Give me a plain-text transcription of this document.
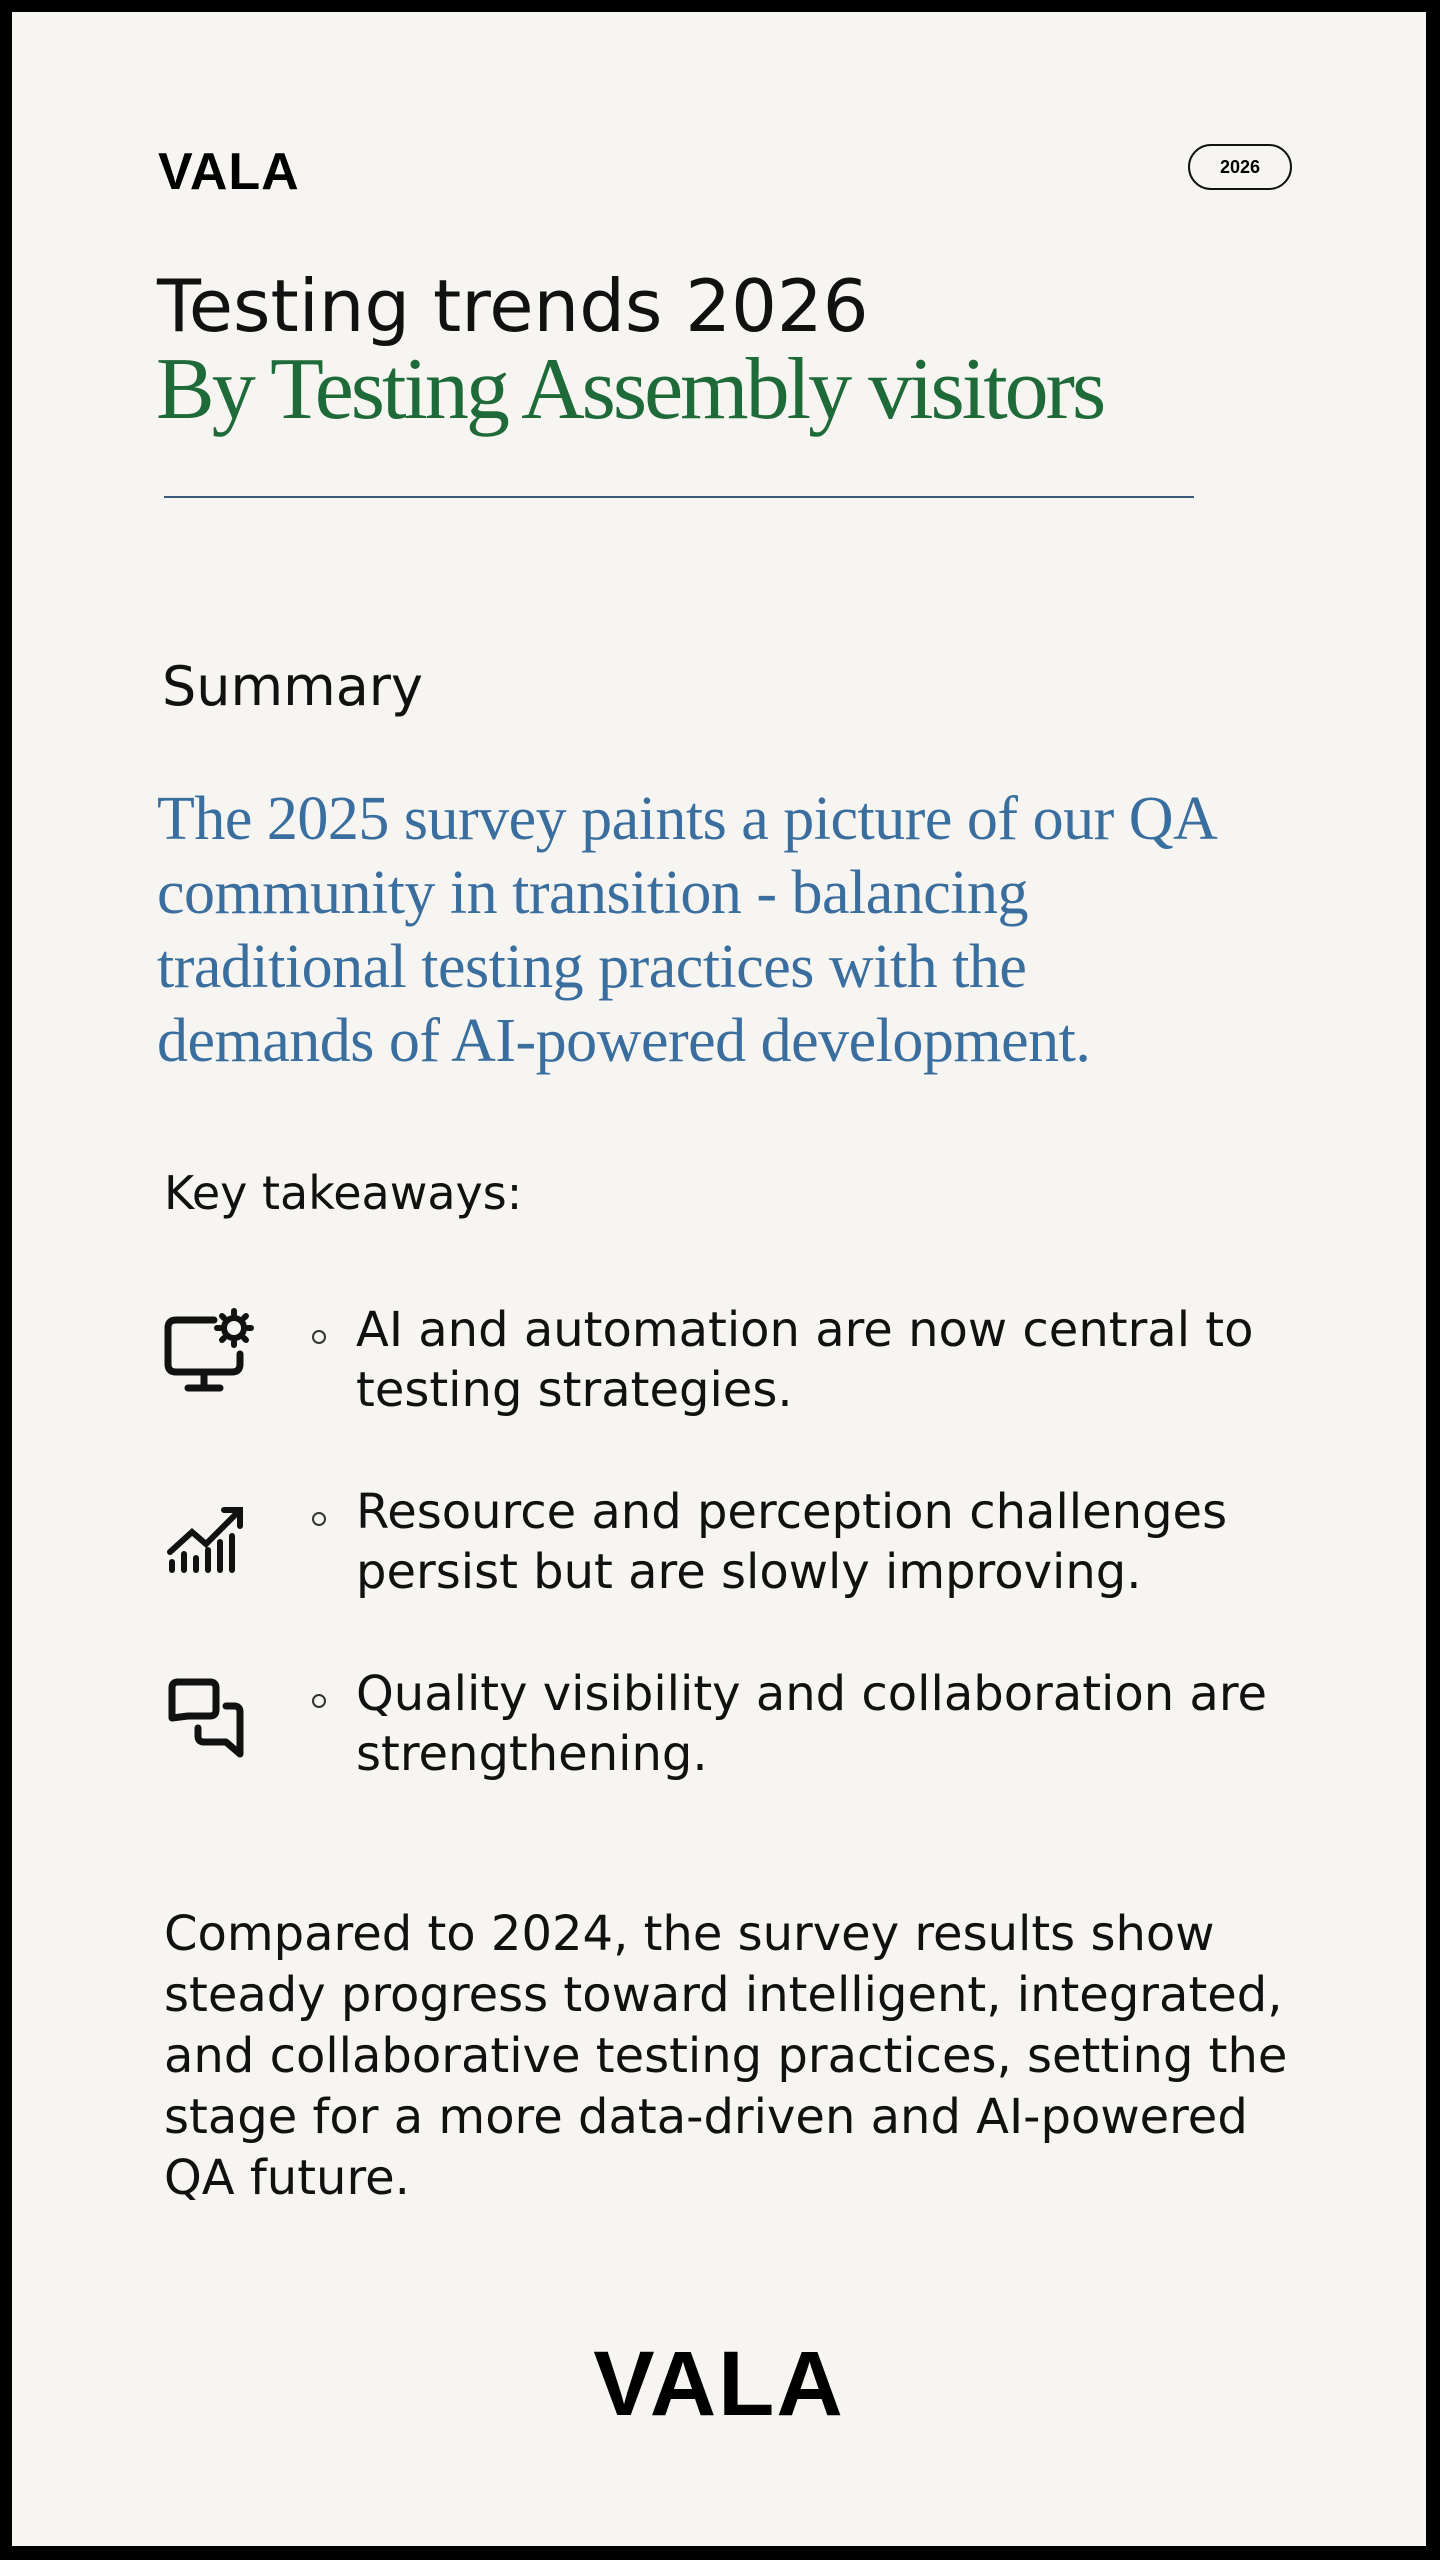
VALA	2026
Testing trends 2026
By Testing Assembly visitors
Summary
The 2025 survey paints a picture of our QA community in transition - balancing traditional testing practices with the demands of AI-powered development.
Key takeaways:
AI and automation are now central to testing strategies.
Resource and perception challenges persist but are slowly improving.
Quality visibility and collaboration are strengthening.
Compared to 2024, the survey results show steady progress toward intelligent, integrated, and collaborative testing practices, setting the stage for a more data-driven and AI-powered QA future.
VALA
